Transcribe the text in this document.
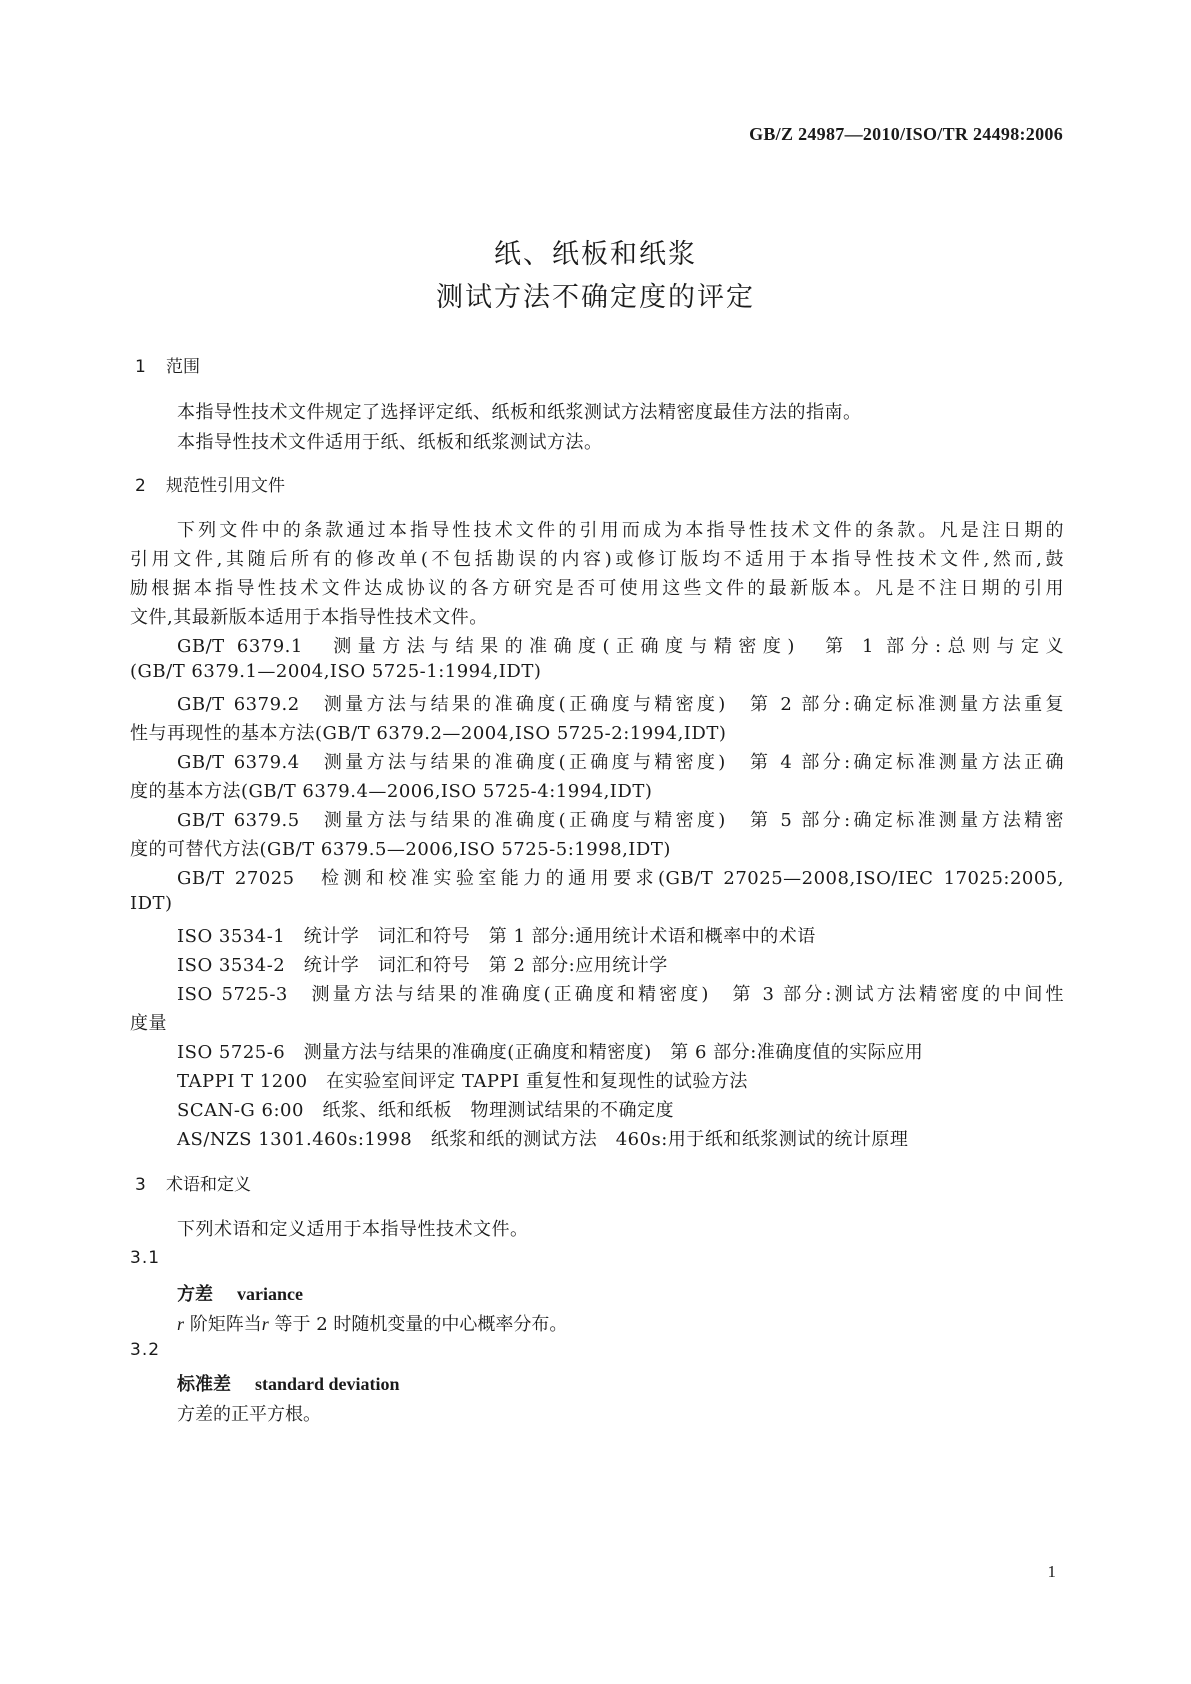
GB/Z 24987—2010/ISO/TR 24498:2006
纸、纸板和纸浆
测试方法不确定度的评定
1 范围
本指导性技术文件规定了选择评定纸、纸板和纸浆测试方法精密度最佳方法的指南。
本指导性技术文件适用于纸、纸板和纸浆测试方法。
2 规范性引用文件
下列文件中的条款通过本指导性技术文件的引用而成为本指导性技术文件的条款。凡是注日期的
引用文件,其随后所有的修改单(不包括勘误的内容)或修订版均不适用于本指导性技术文件,然而,鼓
励根据本指导性技术文件达成协议的各方研究是否可使用这些文件的最新版本。凡是不注日期的引用
文件,其最新版本适用于本指导性技术文件。
GB/T 6379.1　测量方法与结果的准确度(正确度与精密度)　第 1 部分:总则与定义
(GB/T 6379.1—2004,ISO 5725-1:1994,IDT)
GB/T 6379.2　测量方法与结果的准确度(正确度与精密度)　第 2 部分:确定标准测量方法重复
性与再现性的基本方法(GB/T 6379.2—2004,ISO 5725-2:1994,IDT)
GB/T 6379.4　测量方法与结果的准确度(正确度与精密度)　第 4 部分:确定标准测量方法正确
度的基本方法(GB/T 6379.4—2006,ISO 5725-4:1994,IDT)
GB/T 6379.5　测量方法与结果的准确度(正确度与精密度)　第 5 部分:确定标准测量方法精密
度的可替代方法(GB/T 6379.5—2006,ISO 5725-5:1998,IDT)
GB/T 27025　检测和校准实验室能力的通用要求(GB/T 27025—2008,ISO/IEC 17025:2005,
IDT)
ISO 3534-1　统计学　词汇和符号　第 1 部分:通用统计术语和概率中的术语
ISO 3534-2　统计学　词汇和符号　第 2 部分:应用统计学
ISO 5725-3　测量方法与结果的准确度(正确度和精密度)　第 3 部分:测试方法精密度的中间性
度量
ISO 5725-6　测量方法与结果的准确度(正确度和精密度)　第 6 部分:准确度值的实际应用
TAPPI T 1200　在实验室间评定 TAPPI 重复性和复现性的试验方法
SCAN-G 6:00　纸浆、纸和纸板　物理测试结果的不确定度
AS/NZS 1301.460s:1998　纸浆和纸的测试方法　460s:用于纸和纸浆测试的统计原理
3 术语和定义
下列术语和定义适用于本指导性技术文件。
3.1
方差 variance
r 阶矩阵当r 等于 2 时随机变量的中心概率分布。
3.2
标准差 standard deviation
方差的正平方根。
1
